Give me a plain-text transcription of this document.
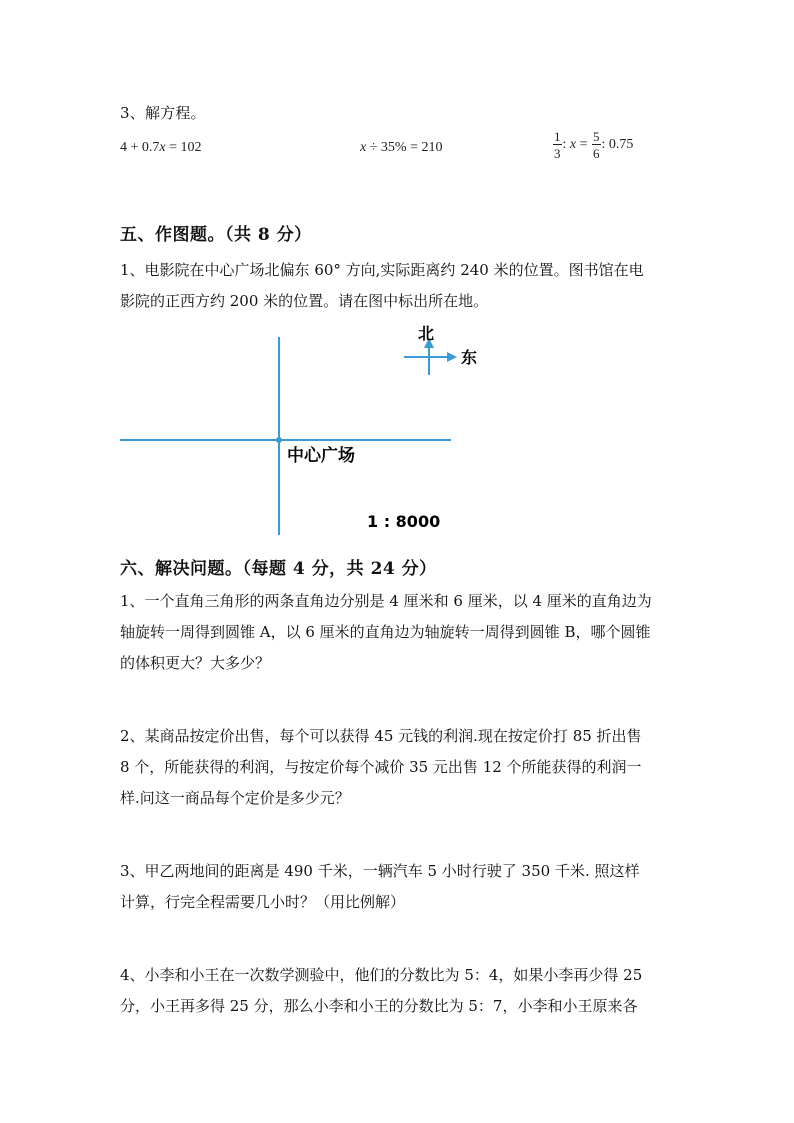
3、解方程。
4 + 0.7x = 102	x ÷ 35% = 210	$\frac{1}{3}$ : $x = \frac{5}{6}$ : 0.75
五、作图题。（共 8 分）
1、电影院在中心广场北偏东 60° 方向,实际距离约 240 米的位置。图书馆在电
影院的正西方约 200 米的位置。请在图中标出所在地。
北
东
中心广场
1 : 8000
六、解决问题。（每题 4 分，共 24 分）
1、一个直角三角形的两条直角边分别是 4 厘米和 6 厘米，以 4 厘米的直角边为
轴旋转一周得到圆锥 A，以 6 厘米的直角边为轴旋转一周得到圆锥 B，哪个圆锥
的体积更大？大多少？
2、某商品按定价出售，每个可以获得 45 元钱的利润.现在按定价打 85 折出售
8 个，所能获得的利润，与按定价每个减价 35 元出售 12 个所能获得的利润一
样.问这一商品每个定价是多少元？
3、甲乙两地间的距离是 490 千米，一辆汽车 5 小时行驶了 350 千米. 照这样
计算，行完全程需要几小时？（用比例解）
4、小李和小王在一次数学测验中，他们的分数比为 5：4，如果小李再少得 25
分，小王再多得 25 分，那么小李和小王的分数比为 5：7，小李和小王原来各
